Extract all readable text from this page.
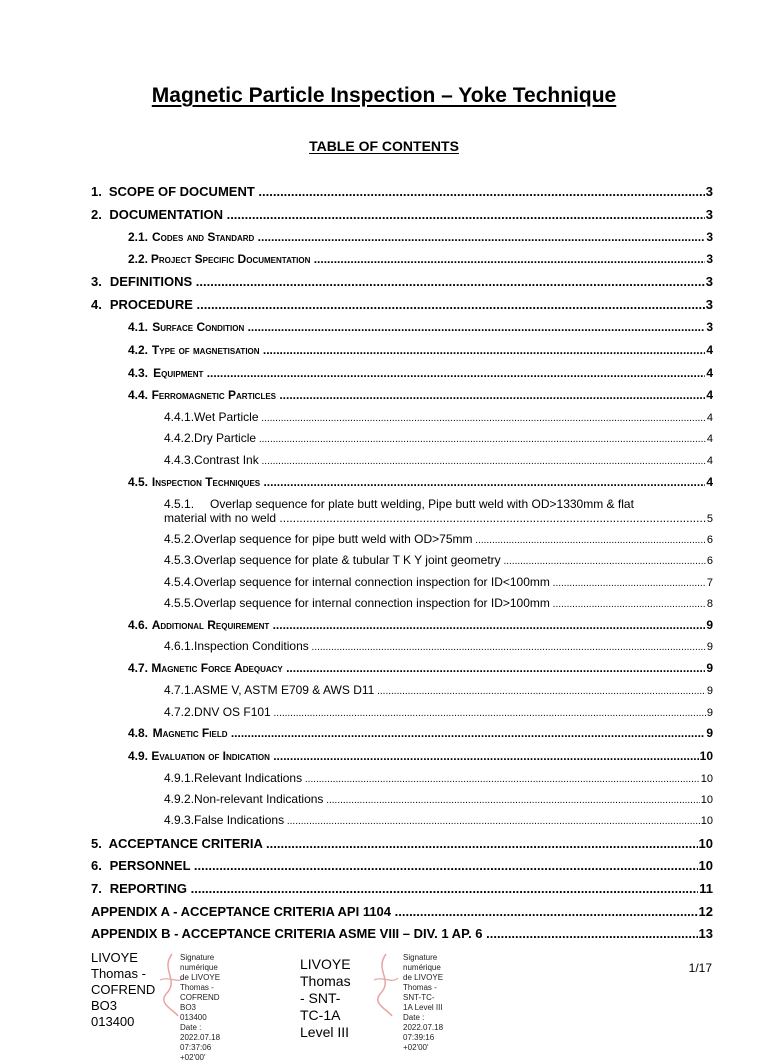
Magnetic Particle Inspection – Yoke Technique
TABLE OF CONTENTS
1. SCOPE OF DOCUMENT .....	3
2. DOCUMENTATION .....	3
2.1. Codes and Standard .....	3
2.2. Project Specific Documentation .....	3
3. DEFINITIONS .....	3
4. PROCEDURE .....	3
4.1. Surface Condition .....	3
4.2. Type of magnetisation .....	4
4.3. Equipment .....	4
4.4. Ferromagnetic Particles .....	4
4.4.1. Wet Particle .....	4
4.4.2. Dry Particle .....	4
4.4.3. Contrast Ink .....	4
4.5. Inspection Techniques .....	4
4.5.1. Overlap sequence for plate butt welding, Pipe butt weld with OD>1330mm & flat
material with no weld .....	5
4.5.2. Overlap sequence for pipe butt weld with OD>75mm .....	6
4.5.3. Overlap sequence for plate & tubular T K Y joint geometry .....	6
4.5.4. Overlap sequence for internal connection inspection for ID<100mm .....	7
4.5.5. Overlap sequence for internal connection inspection for ID>100mm .....	8
4.6. Additional Requirement .....	9
4.6.1. Inspection Conditions .....	9
4.7. Magnetic Force Adequacy .....	9
4.7.1. ASME V, ASTM E709 & AWS D11 .....	9
4.7.2. DNV OS F101 .....	9
4.8. Magnetic Field .....	9
4.9. Evaluation of Indication .....	10
4.9.1. Relevant Indications .....	10
4.9.2. Non-relevant Indications .....	10
4.9.3. False Indications .....	10
5. ACCEPTANCE CRITERIA .....	10
6. PERSONNEL .....	10
7. REPORTING .....	11
APPENDIX A - ACCEPTANCE CRITERIA API 1104 .....	12
APPENDIX B - ACCEPTANCE CRITERIA ASME VIII – DIV. 1 AP. 6 .....	13
LIVOYE
Thomas -
COFREND
BO3 013400
Signature numérique
de LIVOYE Thomas -
COFREND BO3
013400
Date : 2022.07.18
07:37:06 +02'00'
LIVOYE
Thomas - SNT-
TC-1A Level III
Signature numérique
de LIVOYE Thomas -
SNT-TC-1A Level III
Date : 2022.07.18
07:39:16 +02'00'
1/17
